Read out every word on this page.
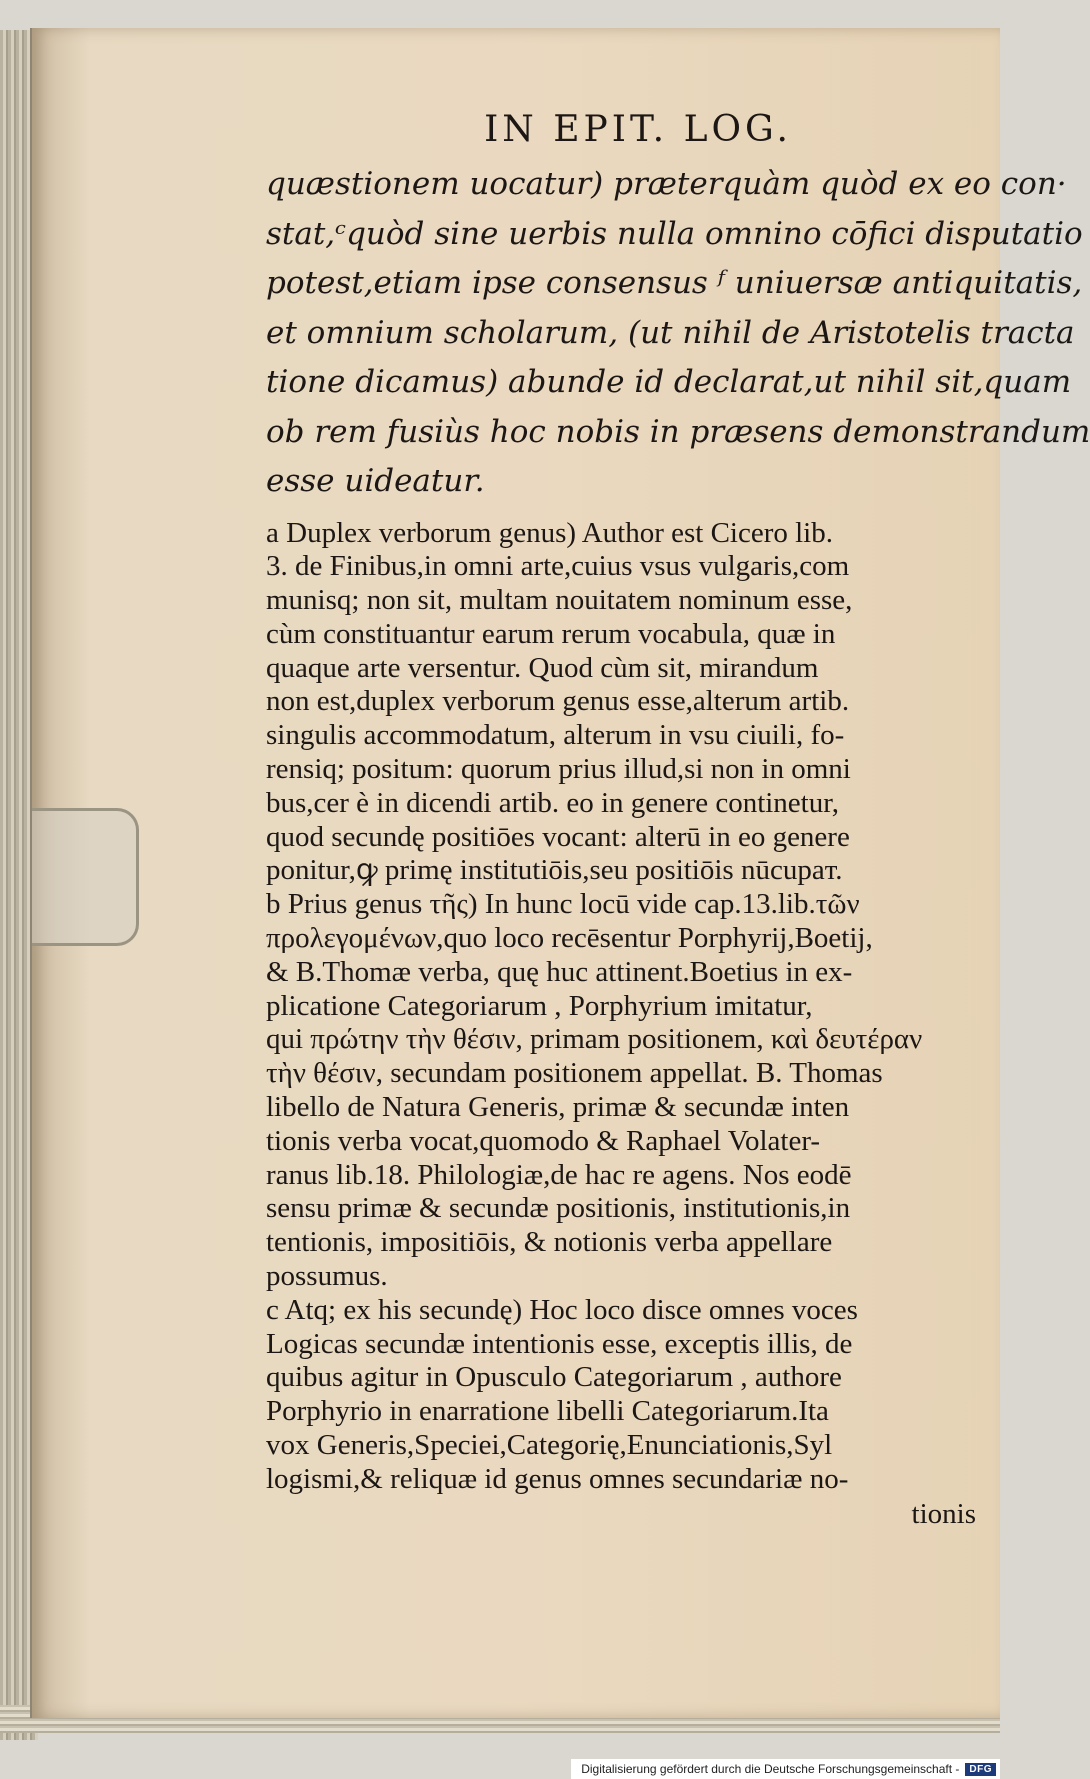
IN EPIT. LOG.
quæstionem uocatur) præterquàm quòd ex eo con·
stat,ᶜquòd sine uerbis nulla omnino cōfici disputatio
potest,etiam ipse consensus ᶠ uniuersæ antiquitatis,
et omnium scholarum, (ut nihil de Aristotelis tracta
tione dicamus) abunde id declarat,ut nihil sit,quam
ob rem fusiùs hoc nobis in præsens demonstrandum
esse uideatur.
a Duplex verborum genus) Author est Cicero lib.
3. de Finibus,in omni arte,cuius vsus vulgaris,com
munisq; non sit, multam nouitatem nominum esse,
cùm constituantur earum rerum vocabula, quæ in
quaque arte versentur. Quod cùm sit, mirandum
non est,duplex verborum genus esse,alterum artib.
singulis accommodatum, alterum in vsu ciuili, fo-
rensiq; positum: quorum prius illud,si non in omni
bus,cer è in dicendi artib. eo in genere continetur,
quod secundę positiōes vocant: alterū in eo genere
ponitur,ꝙ primę institutiōis,seu positiōis nūcupaт.
b Prius genus τῆς) In hunc locū vide cap.13.lib.τῶν
προλεγομένων,quo loco recēsentur Porphyrij,Boetij,
& B.Thomæ verba, quę huc attinent.Boetius in ex-
plicatione Categoriarum , Porphyrium imitatur,
qui πρώτην τὴν θέσιν, primam positionem, καὶ δευτέραν
τὴν θέσιν, secundam positionem appellat. B. Thomas
libello de Natura Generis, primæ & secundæ inten
tionis verba vocat,quomodo & Raphael Volater-
ranus lib.18. Philologiæ,de hac re agens. Nos eodē
sensu primæ & secundæ positionis, institutionis,in
tentionis, impositiōis, & notionis verba appellare
possumus.
c Atq; ex his secundę) Hoc loco disce omnes voces
Logicas secundæ intentionis esse, exceptis illis, de
quibus agitur in Opusculo Categoriarum , authore
Porphyrio in enarratione libelli Categoriarum.Ita
vox Generis,Speciei,Categorię,Enunciationis,Syl
logismi,& reliquæ id genus omnes secundariæ no-
tionis
Digitalisierung gefördert durch die Deutsche Forschungsgemeinschaft -	DFG
